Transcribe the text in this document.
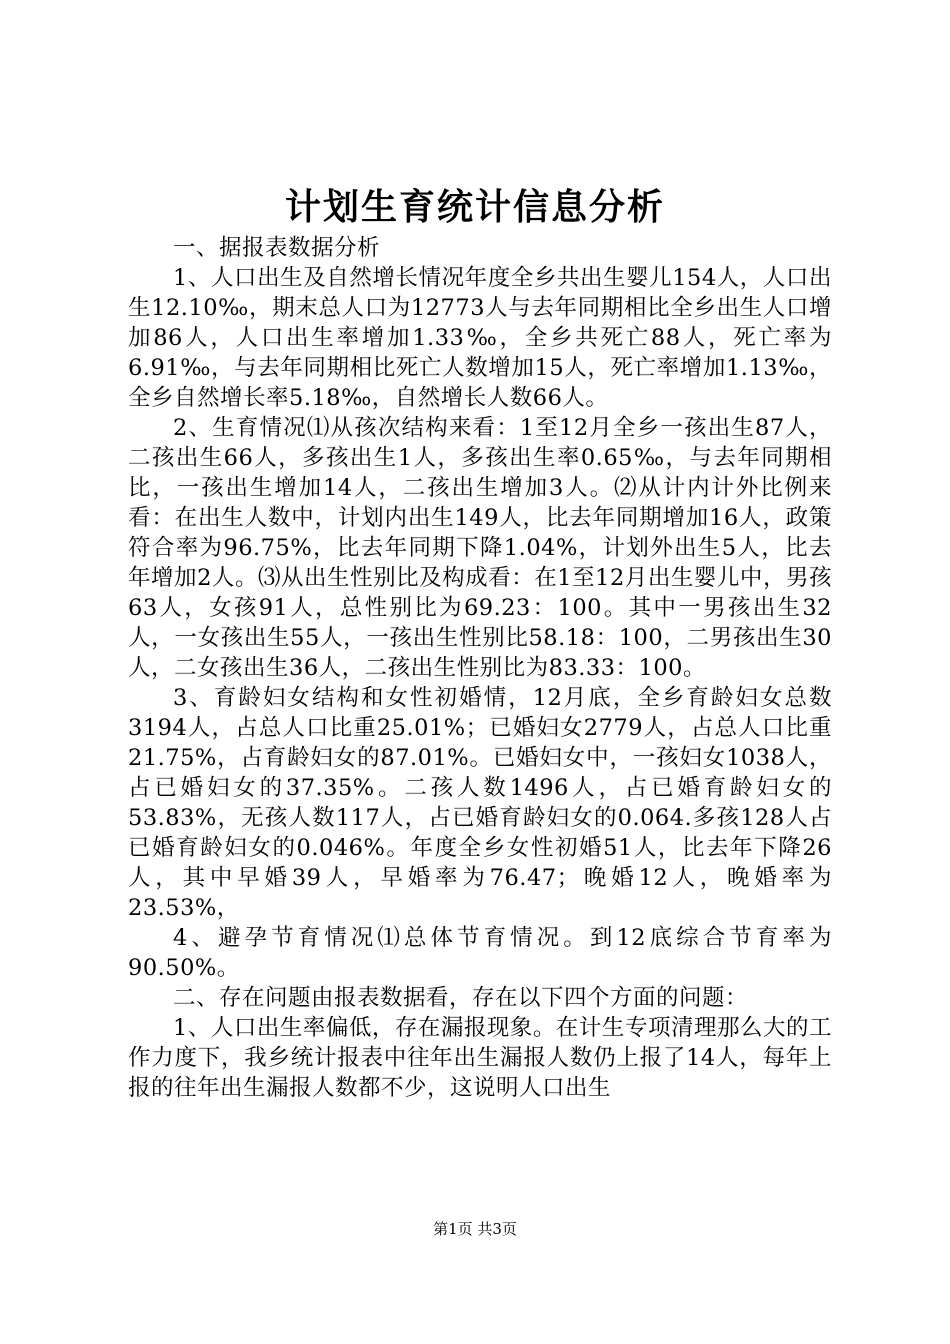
计划生育统计信息分析

一、据报表数据分析

1、人口出生及自然增长情况年度全乡共出生婴儿154人，人口出生12.10‰，期末总人口为12773人与去年同期相比全乡出生人口增加86人，人口出生率增加1.33‰，全乡共死亡88人，死亡率为6.91‰，与去年同期相比死亡人数增加15人，死亡率增加1.13‰，全乡自然增长率5.18‰，自然增长人数66人。

2、生育情况⑴从孩次结构来看：1至12月全乡一孩出生87人，二孩出生66人，多孩出生1人，多孩出生率0.65‰，与去年同期相比，一孩出生增加14人，二孩出生增加3人。⑵从计内计外比例来看：在出生人数中，计划内出生149人，比去年同期增加16人，政策符合率为96.75%，比去年同期下降1.04%，计划外出生5人，比去年增加2人。⑶从出生性别比及构成看：在1至12月出生婴儿中，男孩63人，女孩91人，总性别比为69.23：100。其中一男孩出生32人，一女孩出生55人，一孩出生性别比58.18：100，二男孩出生30人，二女孩出生36人，二孩出生性别比为83.33：100。

3、育龄妇女结构和女性初婚情，12月底，全乡育龄妇女总数3194人，占总人口比重25.01%；已婚妇女2779人，占总人口比重21.75%，占育龄妇女的87.01%。已婚妇女中，一孩妇女1038人，占已婚妇女的37.35%。二孩人数1496人，占已婚育龄妇女的53.83%，无孩人数117人，占已婚育龄妇女的0.064.多孩128人占已婚育龄妇女的0.046%。年度全乡女性初婚51人，比去年下降26人，其中早婚39人，早婚率为76.47；晚婚12人，晚婚率为23.53%，

4、避孕节育情况⑴总体节育情况。到12底综合节育率为90.50%。

二、存在问题由报表数据看，存在以下四个方面的问题：

1、人口出生率偏低，存在漏报现象。在计生专项清理那么大的工作力度下，我乡统计报表中往年出生漏报人数仍上报了14人，每年上报的往年出生漏报人数都不少，这说明人口出生

第1页 共3页
